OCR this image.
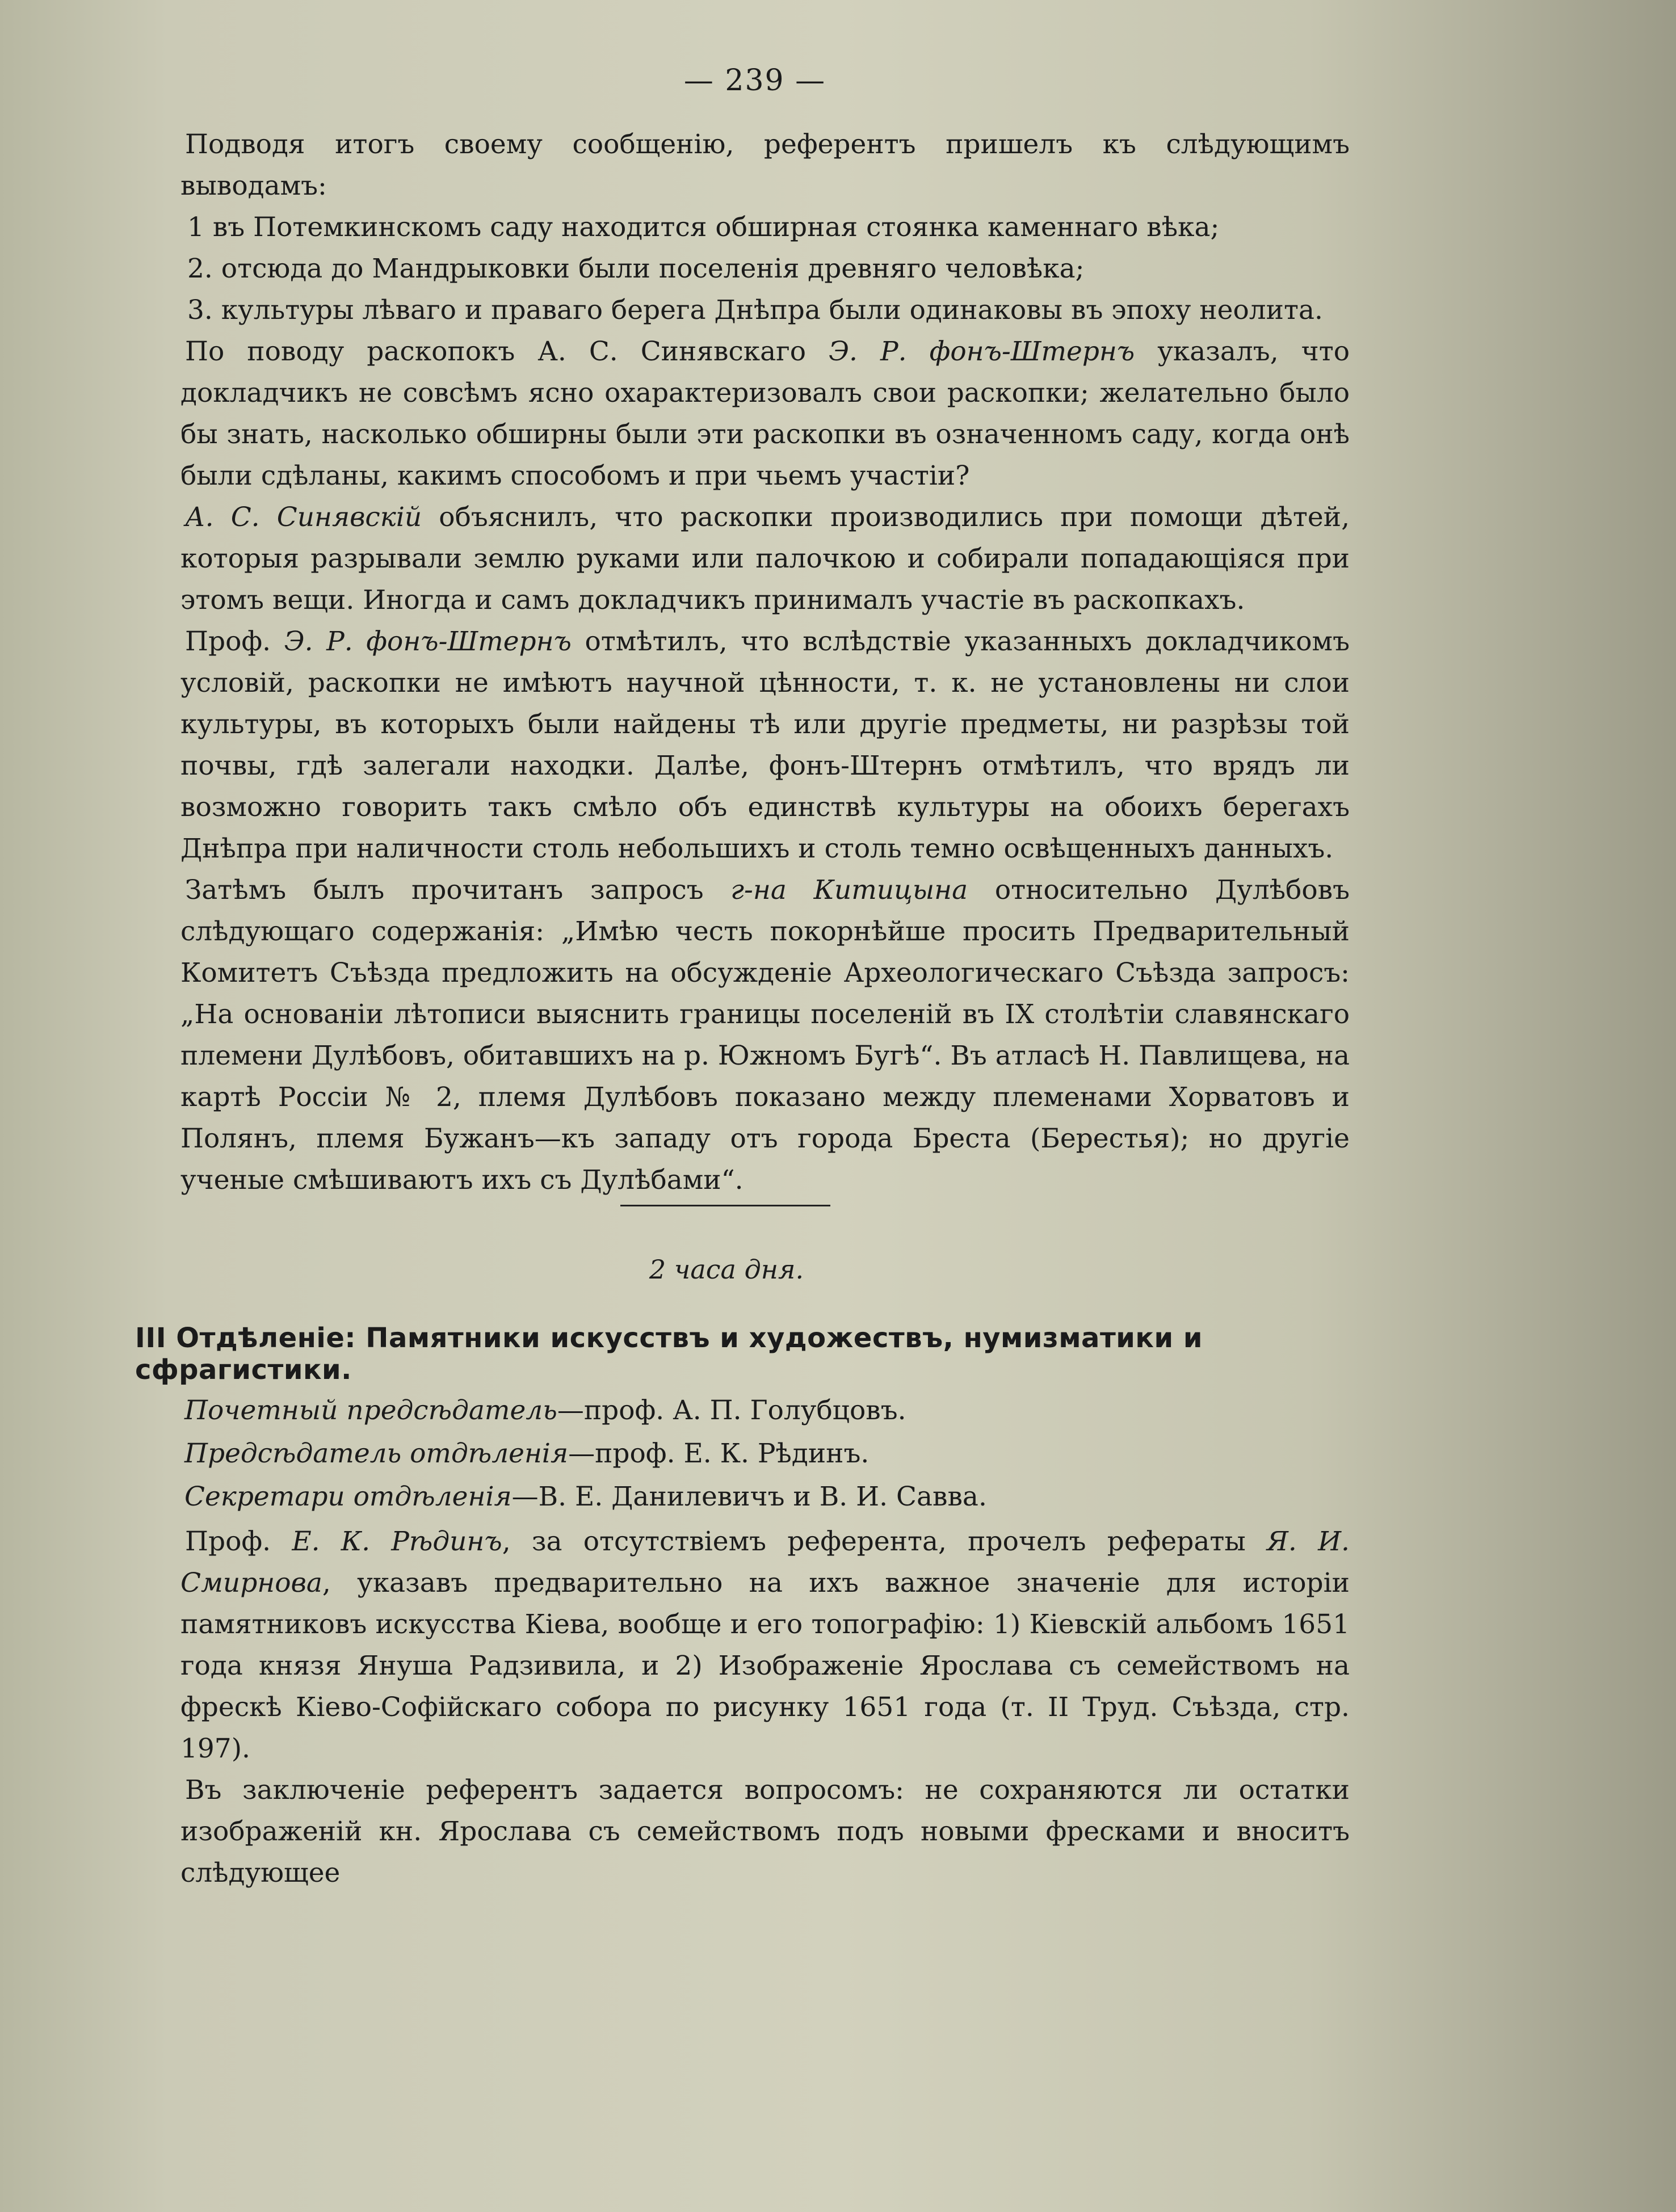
— 239 —

Подводя итогъ своему сообщенію, референтъ пришелъ къ слѣдующимъ выводамъ:

1 въ Потемкинскомъ саду находится обширная стоянка каменнаго вѣка;

2. отсюда до Мандрыковки были поселенія древняго человѣка;

3. культуры лѣваго и праваго берега Днѣпра были одинаковы въ эпоху неолита.

По поводу раскопокъ А. С. Синявскаго Э. Р. фонъ-Штернъ указалъ, что докладчикъ не совсѣмъ ясно охарактеризовалъ свои раскопки; желательно было бы знать, насколько обширны были эти раскопки въ означенномъ саду, когда онѣ были сдѣланы, какимъ способомъ и при чьемъ участіи?

А. С. Синявскій объяснилъ, что раскопки производились при помощи дѣтей, которыя разрывали землю руками или палочкою и собирали попадающіяся при этомъ вещи. Иногда и самъ докладчикъ принималъ участіе въ раскопкахъ.

Проф. Э. Р. фонъ-Штернъ отмѣтилъ, что вслѣдствіе указанныхъ докладчикомъ условій, раскопки не имѣютъ научной цѣнности, т. к. не установлены ни слои культуры, въ которыхъ были найдены тѣ или другіе предметы, ни разрѣзы той почвы, гдѣ залегали находки. Далѣе, фонъ-Штернъ отмѣтилъ, что врядъ ли возможно говорить такъ смѣло объ единствѣ культуры на обоихъ берегахъ Днѣпра при наличности столь небольшихъ и столь темно освѣщенныхъ данныхъ.

Затѣмъ былъ прочитанъ запросъ г-на Китицына относительно Дулѣбовъ слѣдующаго содержанія: „Имѣю честь покорнѣйше просить Предварительный Комитетъ Съѣзда предложить на обсужденіе Археологическаго Съѣзда запросъ: „На основаніи лѣтописи выяснить границы поселеній въ IX столѣтіи славянскаго племени Дулѣбовъ, обитавшихъ на р. Южномъ Бугѣ“. Въ атласѣ Н. Павлищева, на картѣ Россіи № 2, племя Дулѣбовъ показано между племенами Хорватовъ и Полянъ, племя Бужанъ—къ западу отъ города Бреста (Берестья); но другіе ученые смѣшиваютъ ихъ съ Дулѣбами“.

2 часа дня.
III Отдѣленіе: Памятники искусствъ и художествъ, нумизматики и сфрагистики.
Почетный предсѣдатель—проф. А. П. Голубцовъ.
Предсѣдатель отдѣленія—проф. Е. К. Рѣдинъ.
Секретари отдѣленія—В. Е. Данилевичъ и В. И. Савва.

Проф. Е. К. Рѣдинъ, за отсутствіемъ референта, прочелъ рефераты Я. И. Смирнова, указавъ предварительно на ихъ важное значеніе для исторіи памятниковъ искусства Кіева, вообще и его топографію: 1) Кіевскій альбомъ 1651 года князя Януша Радзивила, и 2) Изображеніе Ярослава съ семействомъ на фрескѣ Кіево-Софійскаго собора по рисунку 1651 года (т. II Труд. Съѣзда, стр. 197).

Въ заключеніе референтъ задается вопросомъ: не сохраняются ли остатки изображеній кн. Ярослава съ семействомъ подъ новыми фресками и вноситъ слѣдующее
